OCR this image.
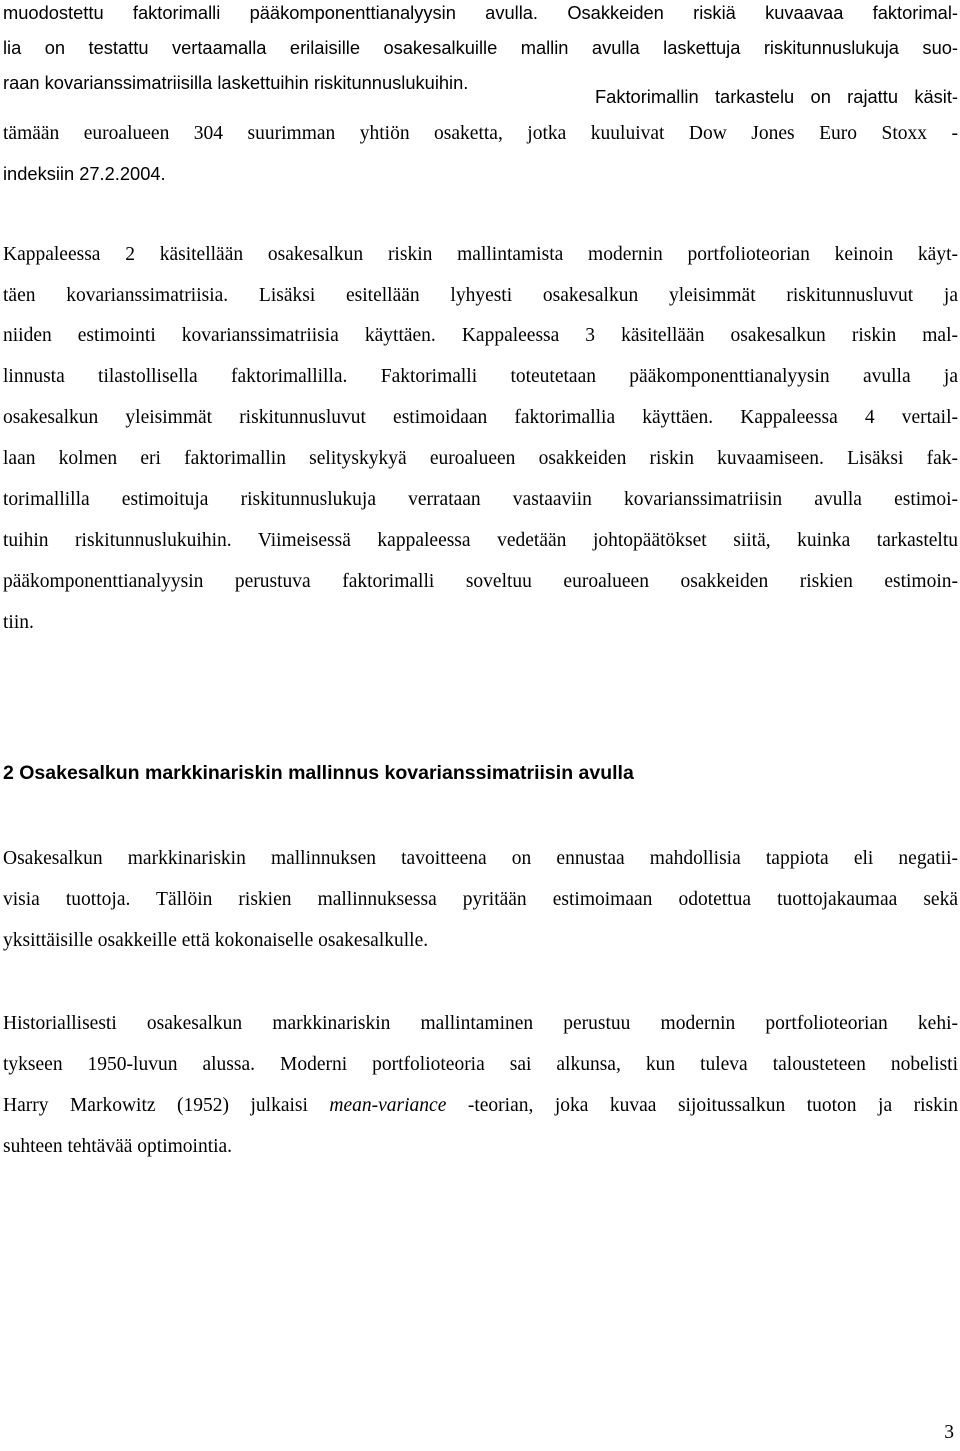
muodostettu faktorimalli pääkomponenttianalyysin avulla. Osakkeiden riskiä kuvaavaa faktorimal-
lia on testattu vertaamalla erilaisille osakesalkuille mallin avulla laskettuja riskitunnuslukuja suo-
raan kovarianssimatriisilla laskettuihin riskitunnuslukuihin.
Faktorimallin tarkastelu on rajattu käsit-
tämään euroalueen 304 suurimman yhtiön osaketta, jotka kuuluivat Dow Jones Euro Stoxx -
indeksiin 27.2.2004.
Kappaleessa 2 käsitellään osakesalkun riskin mallintamista modernin portfolioteorian keinoin käyt-
täen kovarianssimatriisia. Lisäksi esitellään lyhyesti osakesalkun yleisimmät riskitunnusluvut ja
niiden estimointi kovarianssimatriisia käyttäen. Kappaleessa 3 käsitellään osakesalkun riskin mal-
linnusta tilastollisella faktorimallilla. Faktorimalli toteutetaan pääkomponenttianalyysin avulla ja
osakesalkun yleisimmät riskitunnusluvut estimoidaan faktorimallia käyttäen. Kappaleessa 4 vertail-
laan kolmen eri faktorimallin selityskykyä euroalueen osakkeiden riskin kuvaamiseen. Lisäksi fak-
torimallilla estimoituja riskitunnuslukuja verrataan vastaaviin kovarianssimatriisin avulla estimoi-
tuihin riskitunnuslukuihin. Viimeisessä kappaleessa vedetään johtopäätökset siitä, kuinka tarkasteltu
pääkomponenttianalyysin perustuva faktorimalli soveltuu euroalueen osakkeiden riskien estimoin-
tiin.
2 Osakesalkun markkinariskin mallinnus kovarianssimatriisin avulla
Osakesalkun markkinariskin mallinnuksen tavoitteena on ennustaa mahdollisia tappiota eli negatii-
visia tuottoja. Tällöin riskien mallinnuksessa pyritään estimoimaan odotettua tuottojakaumaa sekä
yksittäisille osakkeille että kokonaiselle osakesalkulle.
Historiallisesti osakesalkun markkinariskin mallintaminen perustuu modernin portfolioteorian kehi-
tykseen 1950-luvun alussa. Moderni portfolioteoria sai alkunsa, kun tuleva talousteteen nobelisti
Harry Markowitz (1952) julkaisi mean-variance -teorian, joka kuvaa sijoitussalkun tuoton ja riskin
suhteen tehtävää optimointia.
3
